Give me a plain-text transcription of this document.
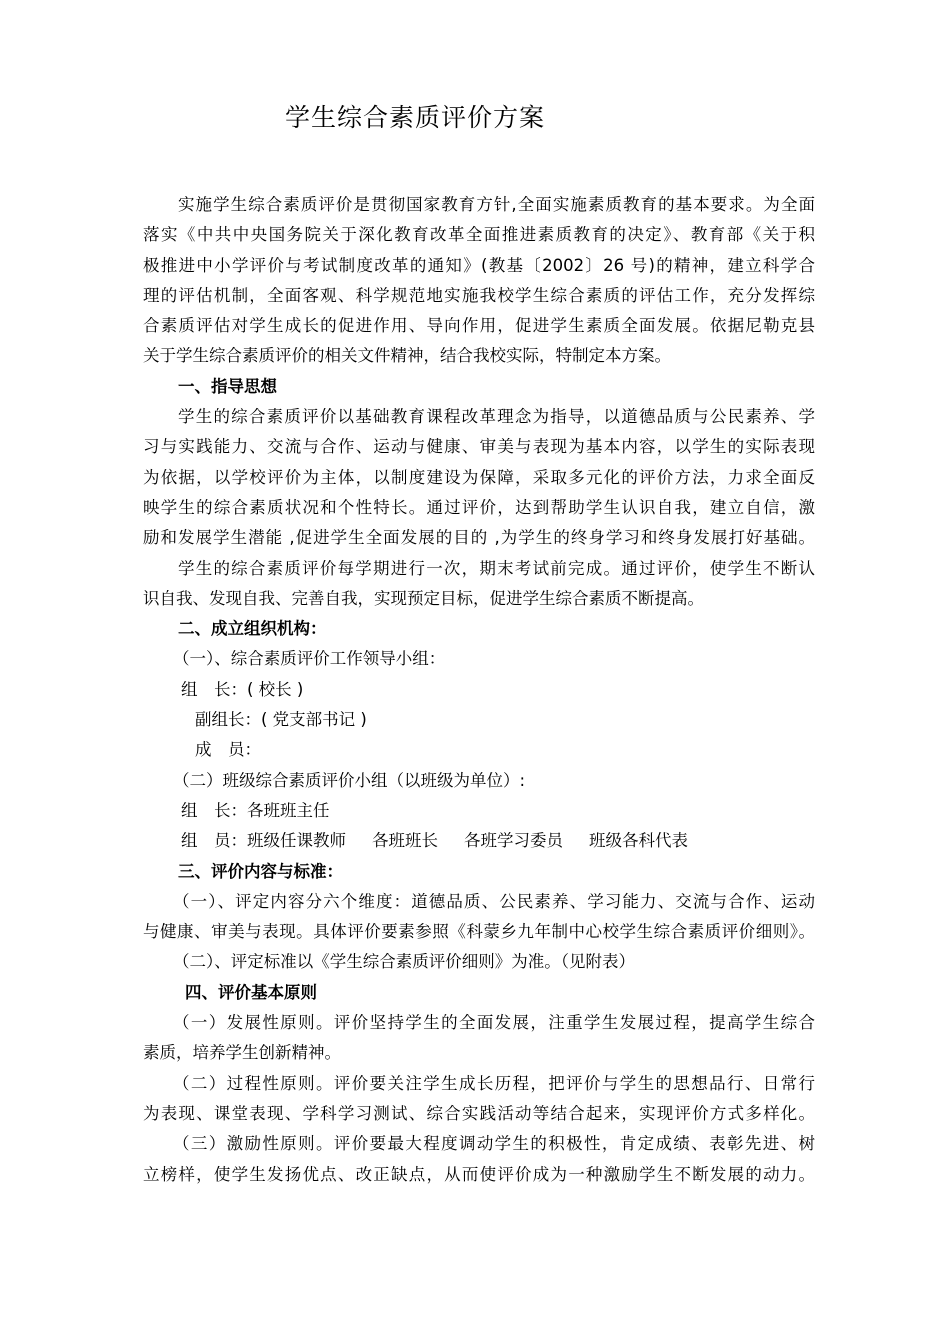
学生综合素质评价方案
实施学生综合素质评价是贯彻国家教育方针,全面实施素质教育的基本要求。为全面
落实《中共中央国务院关于深化教育改革全面推进素质教育的决定》、教育部《关于积
极推进中小学评价与考试制度改革的通知》(教基〔2002〕26 号)的精神，建立科学合
理的评估机制，全面客观、科学规范地实施我校学生综合素质的评估工作，充分发挥综
合素质评估对学生成长的促进作用、导向作用，促进学生素质全面发展。依据尼勒克县
关于学生综合素质评价的相关文件精神，结合我校实际，特制定本方案。
一、指导思想
学生的综合素质评价以基础教育课程改革理念为指导，以道德品质与公民素养、学
习与实践能力、交流与合作、运动与健康、审美与表现为基本内容，以学生的实际表现
为依据，以学校评价为主体，以制度建设为保障，采取多元化的评价方法，力求全面反
映学生的综合素质状况和个性特长。通过评价，达到帮助学生认识自我，建立自信，激
励和发展学生潜能 ,促进学生全面发展的目的 ,为学生的终身学习和终身发展打好基础。
学生的综合素质评价每学期进行一次，期末考试前完成。通过评价，使学生不断认
识自我、发现自我、完善自我，实现预定目标，促进学生综合素质不断提高。
二、成立组织机构：
（一）、综合素质评价工作领导小组：
组　长：( 校长 )
副组长：( 党支部书记 )
成　员：
（二）班级综合素质评价小组（以班级为单位）:
组　长：各班班主任
组　员：班级任课教师 各班班长 各班学习委员 班级各科代表
三、评价内容与标准：
（一）、评定内容分六个维度：道德品质、公民素养、学习能力、交流与合作、运动
与健康、审美与表现。具体评价要素参照《科蒙乡九年制中心校学生综合素质评价细则》。
（二）、评定标准以《学生综合素质评价细则》为准。（见附表）
四、评价基本原则
（一）发展性原则。评价坚持学生的全面发展，注重学生发展过程，提高学生综合
素质，培养学生创新精神。
（二）过程性原则。评价要关注学生成长历程，把评价与学生的思想品行、日常行
为表现、课堂表现、学科学习测试、综合实践活动等结合起来，实现评价方式多样化。
（三）激励性原则。评价要最大程度调动学生的积极性，肯定成绩、表彰先进、树
立榜样，使学生发扬优点、改正缺点，从而使评价成为一种激励学生不断发展的动力。
